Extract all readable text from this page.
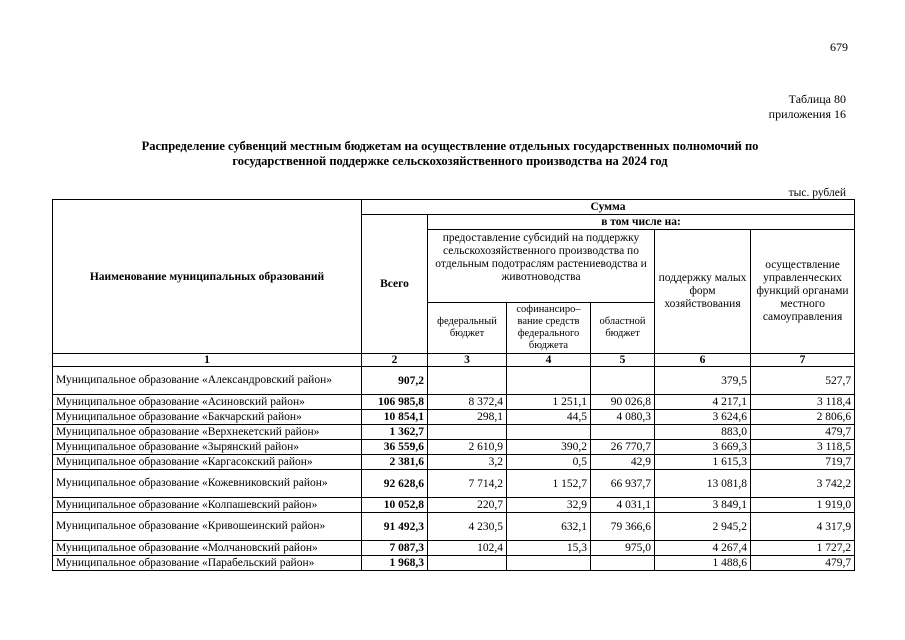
679
Таблица 80
приложения 16
Распределение субвенций местным бюджетам на осуществление отдельных государственных полномочий по
государственной поддержке сельскохозяйственного производства на 2024 год
тыс. рублей
Наименование муниципальных образований	Сумма					
	Всего	в том числе на:				
		предоставление субсидий на поддержку сельскохозяйственного производства по отдельным подотраслям растениеводства и животноводства			поддержку малых форм хозяйствования	осуществление управленческих функций органами местного самоуправления
		федеральный бюджет	софинансиро– вание средств федерального бюджета	областной бюджет		
1	2	3	4	5	6	7
Муниципальное образование «Александровский район»	907,2				379,5	527,7
Муниципальное образование «Асиновский район»	106 985,8	8 372,4	1 251,1	90 026,8	4 217,1	3 118,4
Муниципальное образование «Бакчарский район»	10 854,1	298,1	44,5	4 080,3	3 624,6	2 806,6
Муниципальное образование «Верхнекетский район»	1 362,7				883,0	479,7
Муниципальное образование «Зырянский район»	36 559,6	2 610,9	390,2	26 770,7	3 669,3	3 118,5
Муниципальное образование «Каргасокский район»	2 381,6	3,2	0,5	42,9	1 615,3	719,7
Муниципальное образование «Кожевниковский район»	92 628,6	7 714,2	1 152,7	66 937,7	13 081,8	3 742,2
Муниципальное образование «Колпашевский район»	10 052,8	220,7	32,9	4 031,1	3 849,1	1 919,0
Муниципальное образование «Кривошеинский район»	91 492,3	4 230,5	632,1	79 366,6	2 945,2	4 317,9
Муниципальное образование «Молчановский район»	7 087,3	102,4	15,3	975,0	4 267,4	1 727,2
Муниципальное образование «Парабельский район»	1 968,3				1 488,6	479,7
